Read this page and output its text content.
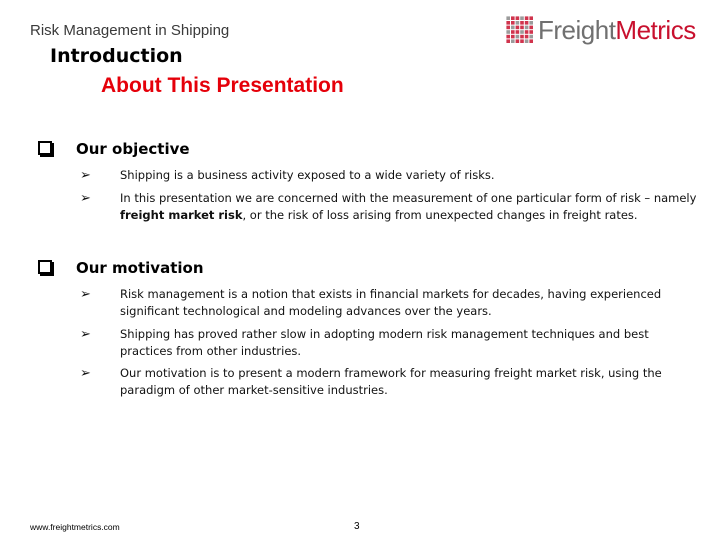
Risk Management in Shipping	FreightMetrics
Introduction
About This Presentation
Our objective
➢	Shipping is a business activity exposed to a wide variety of risks.
➢	In this presentation we are concerned with the measurement of one particular form of risk – namely freight market risk, or the risk of loss arising from unexpected changes in freight rates.
Our motivation
➢	Risk management is a notion that exists in financial markets for decades, having experienced significant technological and modeling advances over the years.
➢	Shipping has proved rather slow in adopting modern risk management techniques and best practices from other industries.
➢	Our motivation is to present a modern framework for measuring freight market risk, using the paradigm of other market-sensitive industries.
www.freightmetrics.com	3
